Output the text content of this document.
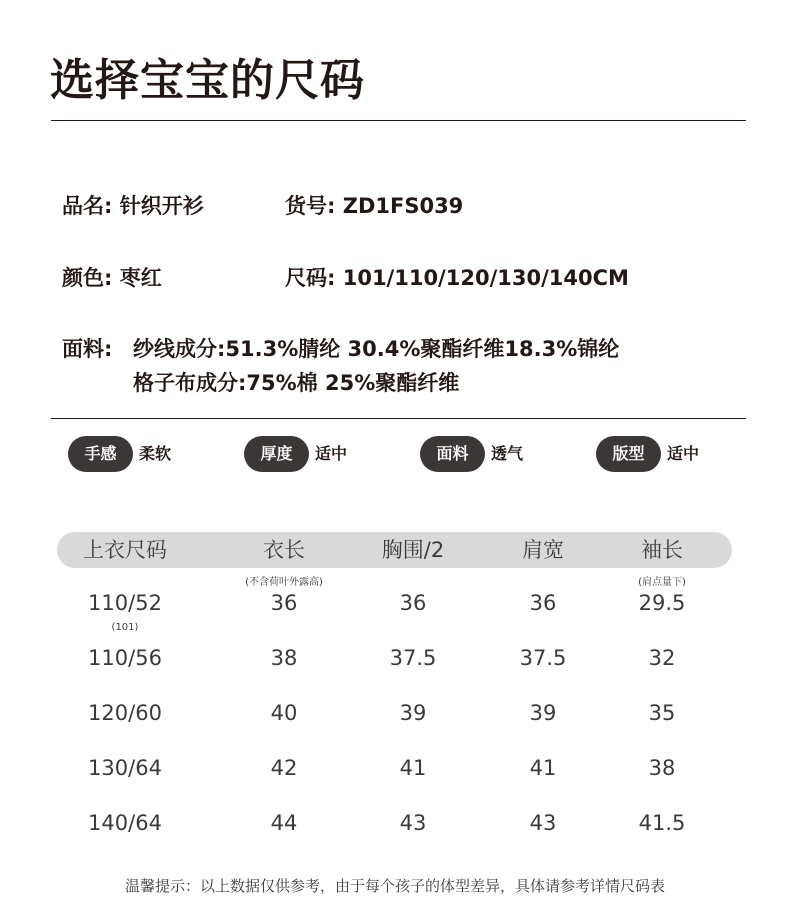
选择宝宝的尺码
品名: 针织开衫	货号: ZD1FS039
颜色: 枣红	尺码: 101/110/120/130/140CM
面料: 纱线成分:51.3%腈纶 30.4%聚酯纤维18.3%锦纶
格子布成分:75%棉 25%聚酯纤维
手感	柔软	厚度	适中	面料	透气	版型	适中
上衣尺码	衣长	胸围/2	肩宽	袖长
(不含荷叶外露高)	(肩点量下)
110/52	36	36	36	29.5
110/56	38	37.5	37.5	32
120/60	40	39	39	35
130/64	42	41	41	38
140/64	44	43	43	41.5
(101)
温馨提示：以上数据仅供参考，由于每个孩子的体型差异，具体请参考详情尺码表
